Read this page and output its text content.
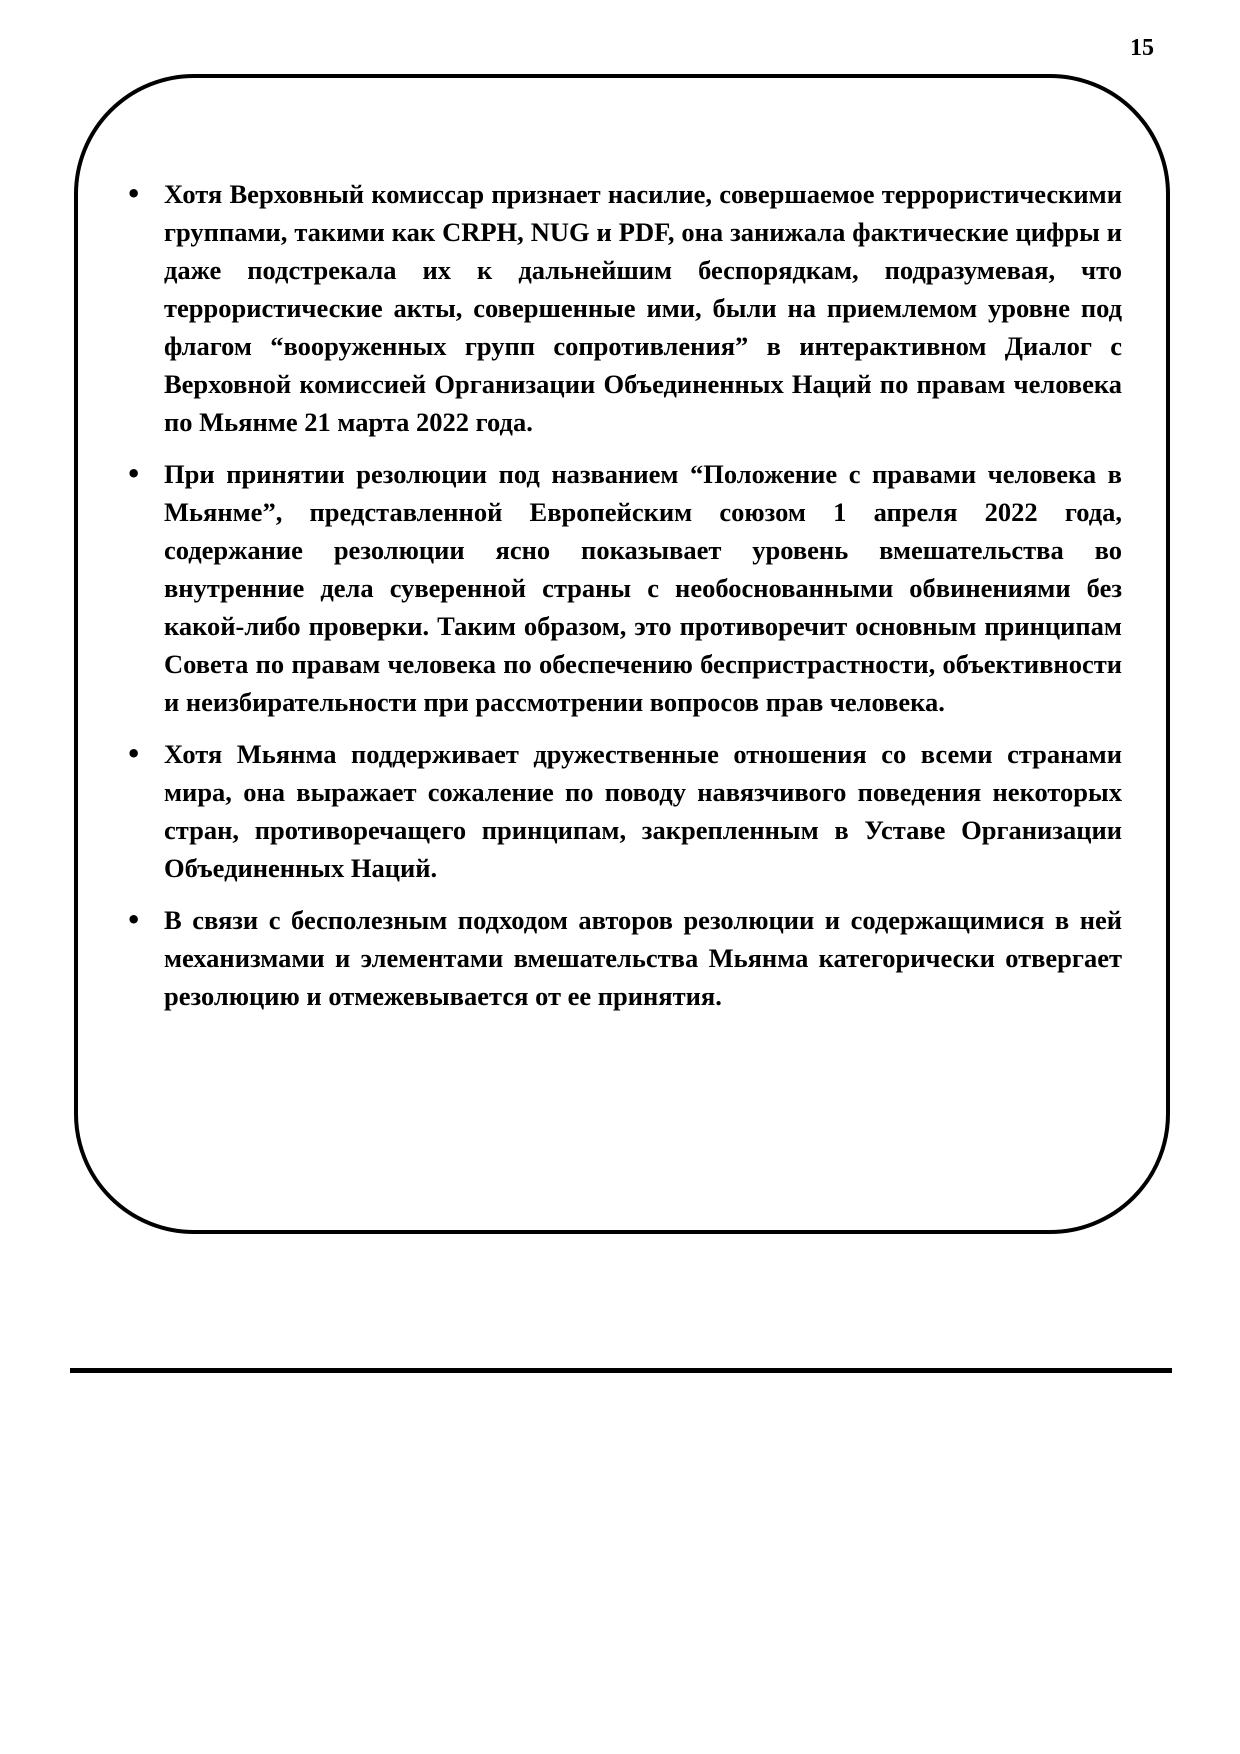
15
• Хотя Верховный комиссар признает насилие, совершаемое террористическими группами, такими как CRPH, NUG и PDF, она занижала фактические цифры и даже подстрекала их к дальнейшим беспорядкам, подразумевая, что террористические акты, совершенные ими, были на приемлемом уровне под флагом “вооруженных групп сопротивления” в интерактивном Диалог с Верховной комиссией Организации Объединенных Наций по правам человека по Мьянме 21 марта 2022 года.
• При принятии резолюции под названием “Положение с правами человека в Мьянме”, представленной Европейским союзом 1 апреля 2022 года, содержание резолюции ясно показывает уровень вмешательства во внутренние дела суверенной страны с необоснованными обвинениями без какой-либо проверки. Таким образом, это противоречит основным принципам Совета по правам человека по обеспечению беспристрастности, объективности и неизбирательности при рассмотрении вопросов прав человека.
• Хотя Мьянма поддерживает дружественные отношения со всеми странами мира, она выражает сожаление по поводу навязчивого поведения некоторых стран, противоречащего принципам, закрепленным в Уставе Организации Объединенных Наций.
• В связи с бесполезным подходом авторов резолюции и содержащимися в ней механизмами и элементами вмешательства Мьянма категорически отвергает резолюцию и отмежевывается от ее принятия.
